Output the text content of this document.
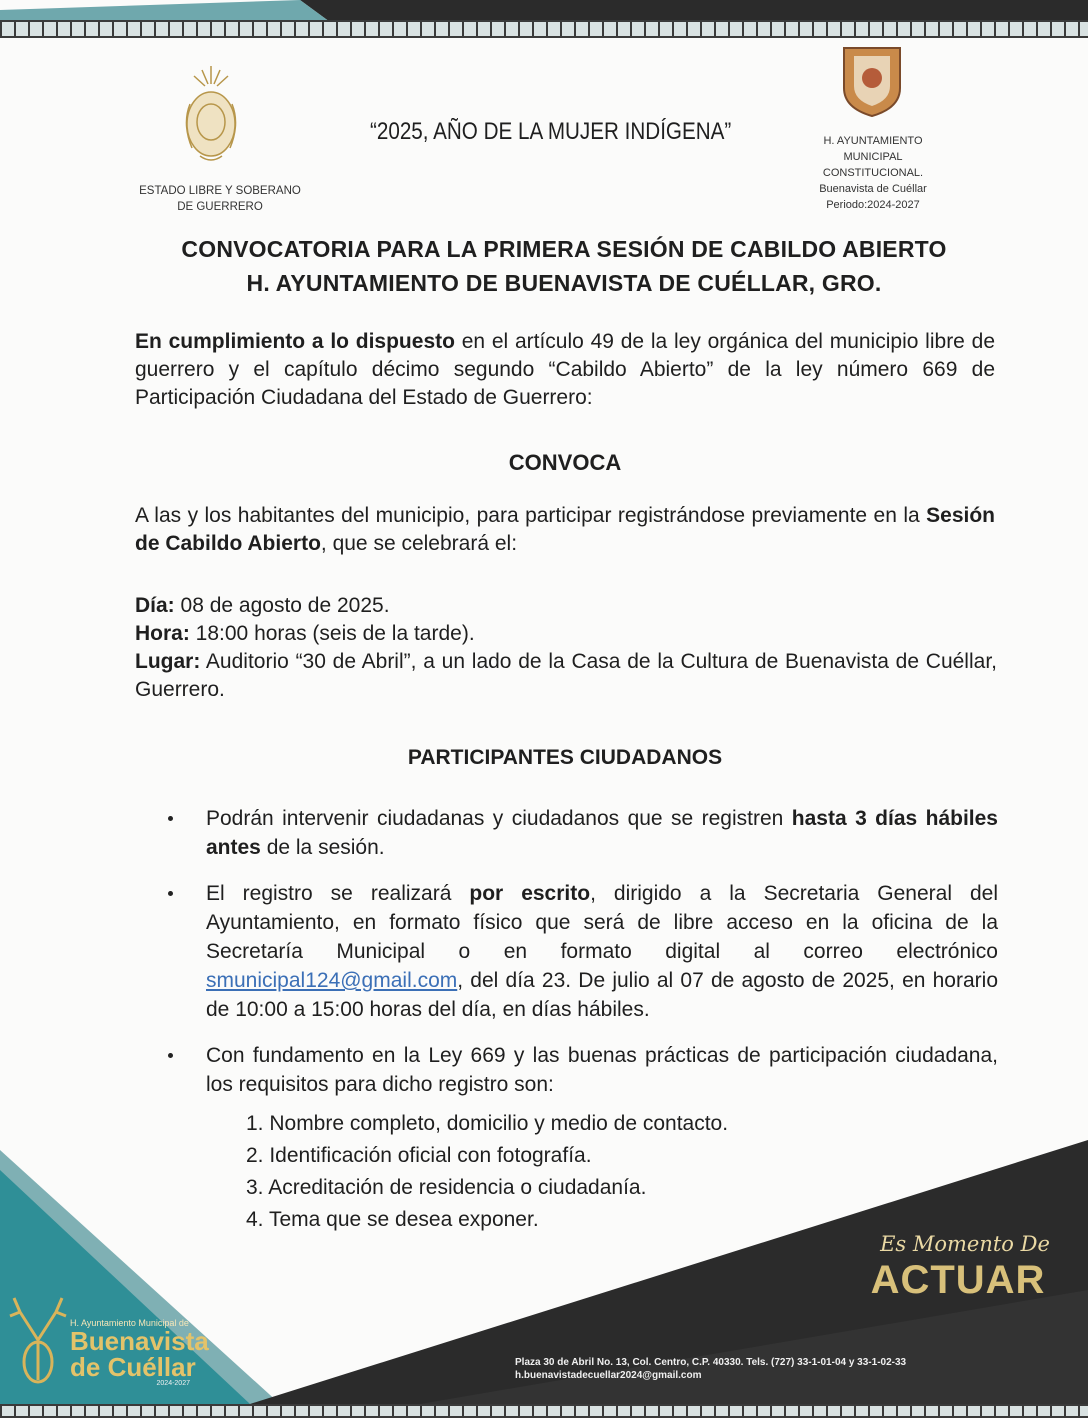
ESTADO LIBRE Y SOBERANO
DE GUERRERO
“2025, AÑO DE LA MUJER INDÍGENA”	H. AYUNTAMIENTO
MUNICIPAL
CONSTITUCIONAL.
Buenavista de Cuéllar
Periodo:2024-2027
CONVOCATORIA PARA LA PRIMERA SESIÓN DE CABILDO ABIERTO
H. AYUNTAMIENTO DE BUENAVISTA DE CUÉLLAR, GRO.
En cumplimiento a lo dispuesto en el artículo 49 de la ley orgánica del municipio libre de guerrero y el capítulo décimo segundo “Cabildo Abierto” de la ley número 669 de Participación Ciudadana del Estado de Guerrero:
CONVOCA
A las y los habitantes del municipio, para participar registrándose previamente en la Sesión de Cabildo Abierto, que se celebrará el:
Día: 08 de agosto de 2025.
Hora: 18:00 horas (seis de la tarde).
Lugar: Auditorio “30 de Abril”, a un lado de la Casa de la Cultura de Buenavista de Cuéllar, Guerrero.
PARTICIPANTES CIUDADANOS
Podrán intervenir ciudadanas y ciudadanos que se registren hasta 3 días hábiles antes de la sesión.
El registro se realizará por escrito, dirigido a la Secretaria General del Ayuntamiento, en formato físico que será de libre acceso en la oficina de la Secretaría Municipal o en formato digital al correo electrónico smunicipal124@gmail.com, del día 23. De julio al 07 de agosto de 2025, en horario de 10:00 a 15:00 horas del día, en días hábiles.
Con fundamento en la Ley 669 y las buenas prácticas de participación ciudadana, los requisitos para dicho registro son:
1. Nombre completo, domicilio y medio de contacto.
2. Identificación oficial con fotografía.
3. Acreditación de residencia o ciudadanía.
4. Tema que se desea exponer.
H. Ayuntamiento Municipal de
Buenavista
de Cuéllar
2024-2027
Es Momento De
ACTUAR
Plaza 30 de Abril No. 13, Col. Centro, C.P. 40330. Tels. (727) 33-1-01-04 y 33-1-02-33
h.buenavistadecuellar2024@gmail.com
